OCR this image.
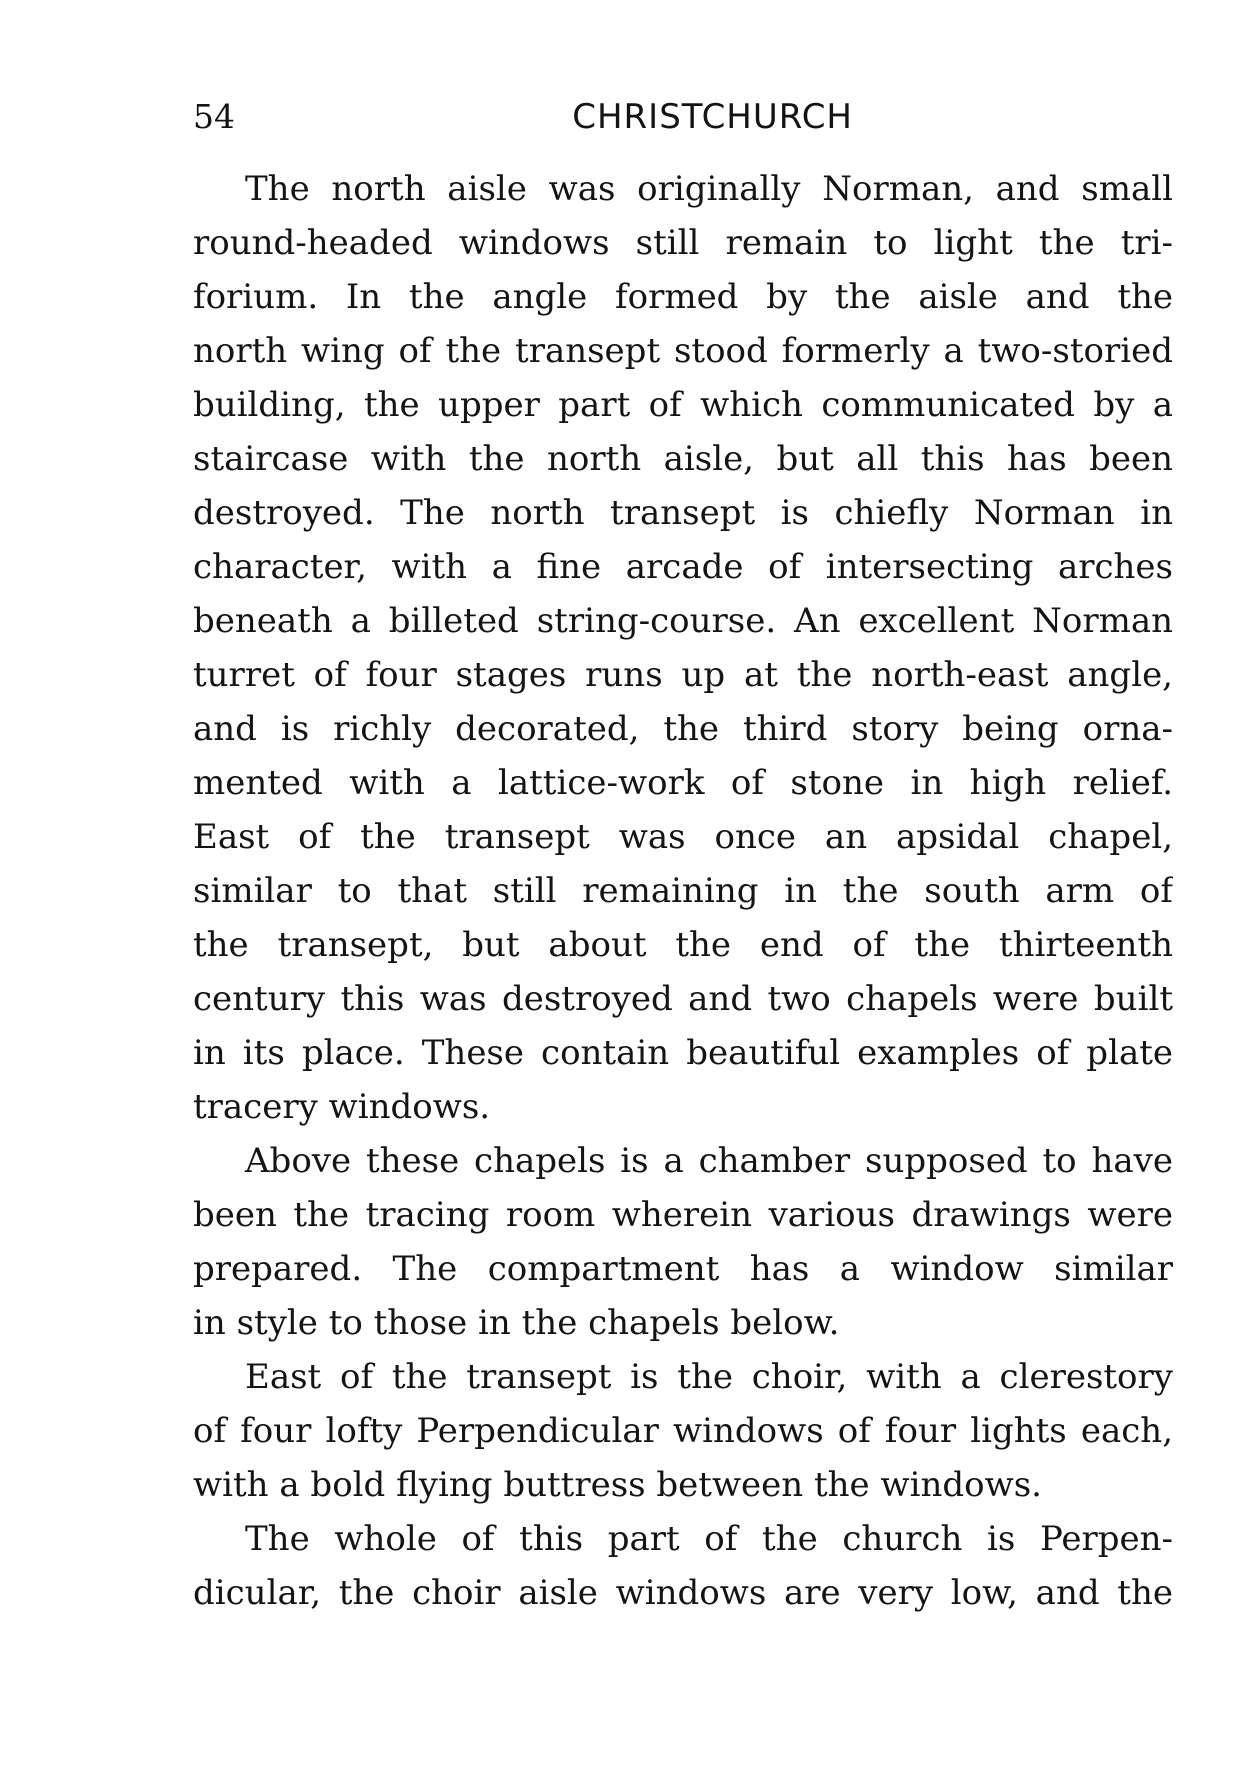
54	CHRISTCHURCH
The north aisle was originally Norman, and small
round-headed windows still remain to light the tri-
forium. In the angle formed by the aisle and the
north wing of the transept stood formerly a two-storied
building, the upper part of which communicated by a
staircase with the north aisle, but all this has been
destroyed. The north transept is chiefly Norman in
character, with a fine arcade of intersecting arches
beneath a billeted string-course. An excellent Norman
turret of four stages runs up at the north-east angle,
and is richly decorated, the third story being orna-
mented with a lattice-work of stone in high relief.
East of the transept was once an apsidal chapel,
similar to that still remaining in the south arm of
the transept, but about the end of the thirteenth
century this was destroyed and two chapels were built
in its place. These contain beautiful examples of plate
tracery windows.
Above these chapels is a chamber supposed to have
been the tracing room wherein various drawings were
prepared. The compartment has a window similar
in style to those in the chapels below.
East of the transept is the choir, with a clerestory
of four lofty Perpendicular windows of four lights each,
with a bold flying buttress between the windows.
The whole of this part of the church is Perpen-
dicular, the choir aisle windows are very low, and the
